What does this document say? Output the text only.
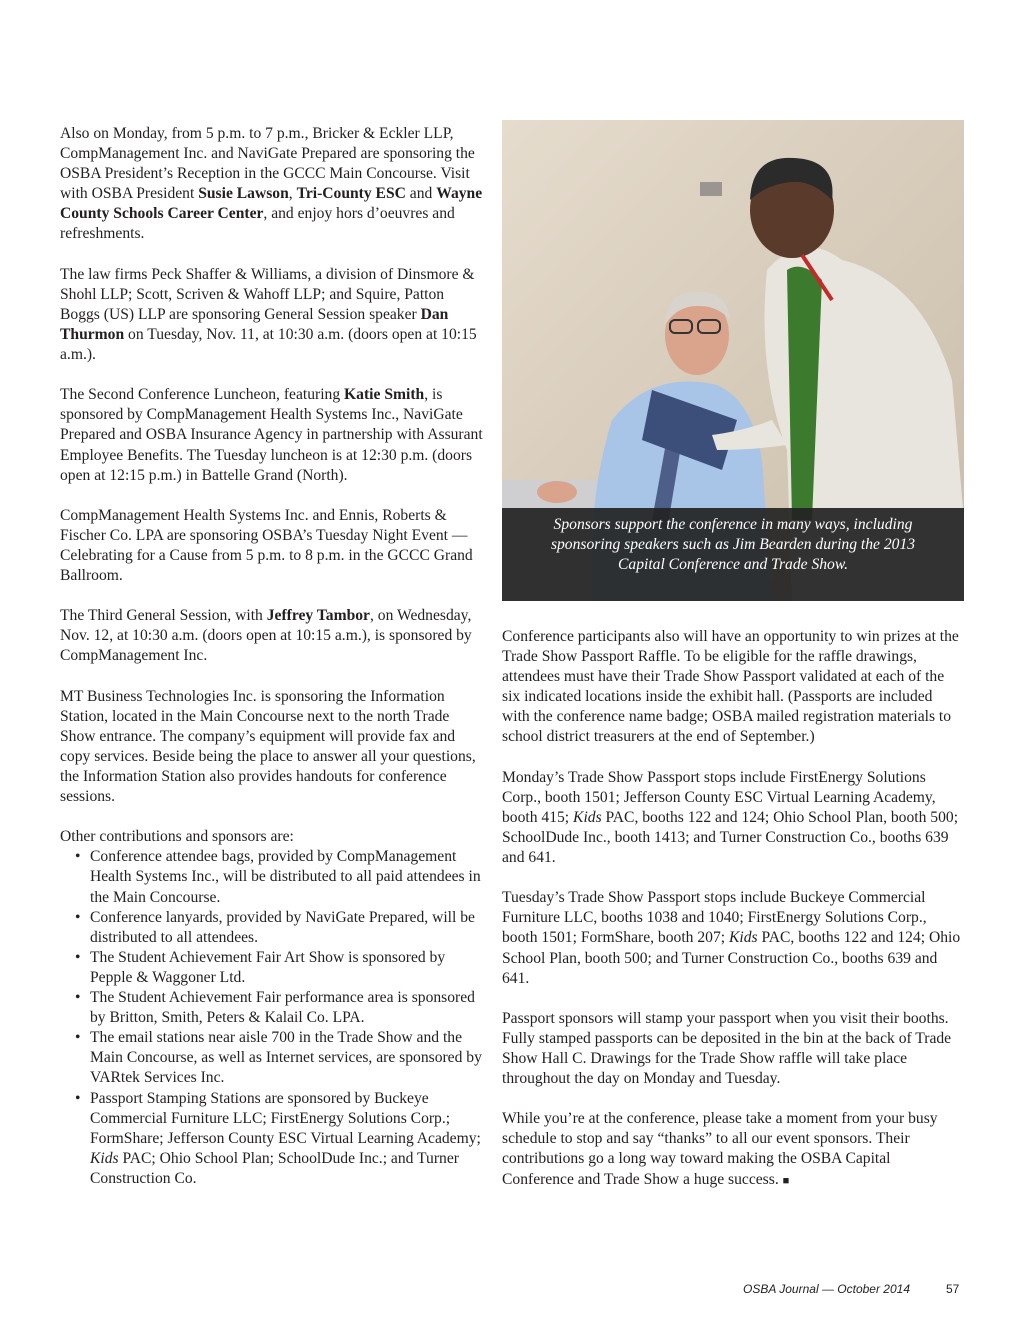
Also on Monday, from 5 p.m. to 7 p.m., Bricker & Eckler LLP, CompManagement Inc. and NaviGate Prepared are sponsoring the OSBA President’s Reception in the GCCC Main Concourse. Visit with OSBA President Susie Lawson, Tri-County ESC and Wayne County Schools Career Center, and enjoy hors d’oeuvres and refreshments.

The law firms Peck Shaffer & Williams, a division of Dinsmore & Shohl LLP; Scott, Scriven & Wahoff LLP; and Squire, Patton Boggs (US) LLP are sponsoring General Session speaker Dan Thurmon on Tuesday, Nov. 11, at 10:30 a.m. (doors open at 10:15 a.m.).

The Second Conference Luncheon, featuring Katie Smith, is sponsored by CompManagement Health Systems Inc., NaviGate Prepared and OSBA Insurance Agency in partnership with Assurant Employee Benefits. The Tuesday luncheon is at 12:30 p.m. (doors open at 12:15 p.m.) in Battelle Grand (North).

CompManagement Health Systems Inc. and Ennis, Roberts & Fischer Co. LPA are sponsoring OSBA’s Tuesday Night Event — Celebrating for a Cause from 5 p.m. to 8 p.m. in the GCCC Grand Ballroom.

The Third General Session, with Jeffrey Tambor, on Wednesday, Nov. 12, at 10:30 a.m. (doors open at 10:15 a.m.), is sponsored by CompManagement Inc.

MT Business Technologies Inc. is sponsoring the Information Station, located in the Main Concourse next to the north Trade Show entrance. The company’s equipment will provide fax and copy services. Beside being the place to answer all your questions, the Information Station also provides handouts for conference sessions.

Other contributions and sponsors are:
• Conference attendee bags, provided by CompManagement Health Systems Inc., will be distributed to all paid attendees in the Main Concourse.
• Conference lanyards, provided by NaviGate Prepared, will be distributed to all attendees.
• The Student Achievement Fair Art Show is sponsored by Pepple & Waggoner Ltd.
• The Student Achievement Fair performance area is sponsored by Britton, Smith, Peters & Kalail Co. LPA.
• The email stations near aisle 700 in the Trade Show and the Main Concourse, as well as Internet services, are sponsored by VARtek Services Inc.
• Passport Stamping Stations are sponsored by Buckeye Commercial Furniture LLC; FirstEnergy Solutions Corp.; FormShare; Jefferson County ESC Virtual Learning Academy; Kids PAC; Ohio School Plan; SchoolDude Inc.; and Turner Construction Co.
Sponsors support the conference in many ways, including sponsoring speakers such as Jim Bearden during the 2013 Capital Conference and Trade Show.

Conference participants also will have an opportunity to win prizes at the Trade Show Passport Raffle. To be eligible for the raffle drawings, attendees must have their Trade Show Passport validated at each of the six indicated locations inside the exhibit hall. (Passports are included with the conference name badge; OSBA mailed registration materials to school district treasurers at the end of September.)

Monday’s Trade Show Passport stops include FirstEnergy Solutions Corp., booth 1501; Jefferson County ESC Virtual Learning Academy, booth 415; Kids PAC, booths 122 and 124; Ohio School Plan, booth 500; SchoolDude Inc., booth 1413; and Turner Construction Co., booths 639 and 641.

Tuesday’s Trade Show Passport stops include Buckeye Commercial Furniture LLC, booths 1038 and 1040; FirstEnergy Solutions Corp., booth 1501; FormShare, booth 207; Kids PAC, booths 122 and 124; Ohio School Plan, booth 500; and Turner Construction Co., booths 639 and 641.

Passport sponsors will stamp your passport when you visit their booths. Fully stamped passports can be deposited in the bin at the back of Trade Show Hall C. Drawings for the Trade Show raffle will take place throughout the day on Monday and Tuesday.

While you’re at the conference, please take a moment from your busy schedule to stop and say “thanks” to all our event sponsors. Their contributions go a long way toward making the OSBA Capital Conference and Trade Show a huge success. ■

OSBA Journal — October 2014	57
